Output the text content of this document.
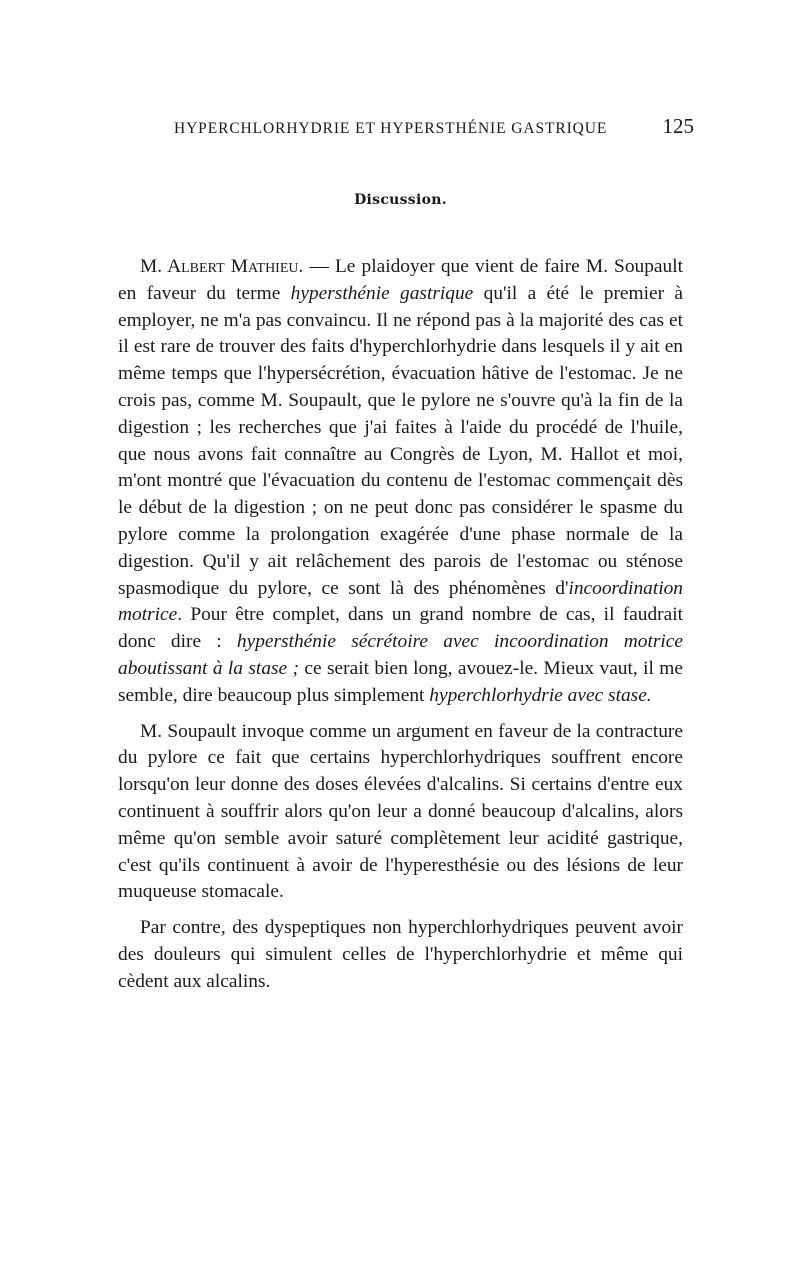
HYPERCHLORHYDRIE ET HYPERSTHÉNIE GASTRIQUE	125
Discussion.

M. Albert Mathieu. — Le plaidoyer que vient de faire M. Soupault en faveur du terme hypersthénie gastrique qu'il a été le premier à employer, ne m'a pas convaincu. Il ne répond pas à la majorité des cas et il est rare de trouver des faits d'hyperchlorhydrie dans lesquels il y ait en même temps que l'hypersécrétion, évacuation hâtive de l'estomac. Je ne crois pas, comme M. Soupault, que le pylore ne s'ouvre qu'à la fin de la digestion ; les recherches que j'ai faites à l'aide du procédé de l'huile, que nous avons fait connaître au Congrès de Lyon, M. Hallot et moi, m'ont montré que l'évacuation du contenu de l'estomac commençait dès le début de la digestion ; on ne peut donc pas considérer le spasme du pylore comme la prolongation exagérée d'une phase normale de la digestion. Qu'il y ait relâchement des parois de l'estomac ou sténose spasmodique du pylore, ce sont là des phénomènes d'incoordination motrice. Pour être complet, dans un grand nombre de cas, il faudrait donc dire : hypersthénie sécrétoire avec incoordination motrice aboutissant à la stase ; ce serait bien long, avouez-le. Mieux vaut, il me semble, dire beaucoup plus simplement hyperchlorhydrie avec stase.

M. Soupault invoque comme un argument en faveur de la contracture du pylore ce fait que certains hyperchlorhydriques souffrent encore lorsqu'on leur donne des doses élevées d'alcalins. Si certains d'entre eux continuent à souffrir alors qu'on leur a donné beaucoup d'alcalins, alors même qu'on semble avoir saturé complètement leur acidité gastrique, c'est qu'ils continuent à avoir de l'hyperesthésie ou des lésions de leur muqueuse stomacale.

Par contre, des dyspeptiques non hyperchlorhydriques peuvent avoir des douleurs qui simulent celles de l'hyperchlorhydrie et même qui cèdent aux alcalins.
